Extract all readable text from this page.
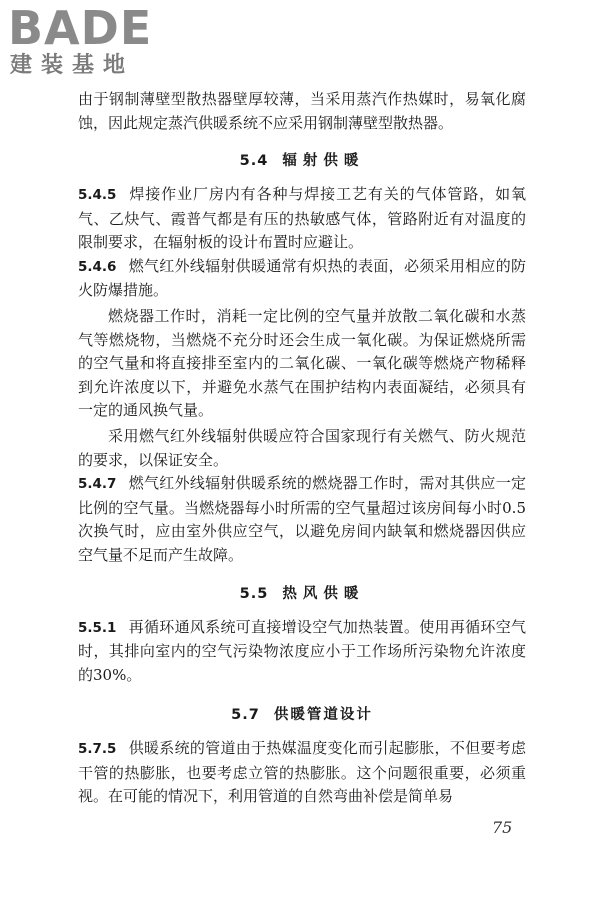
BADE
建装基地

由于钢制薄壁型散热器壁厚较薄，当采用蒸汽作热媒时，易氧化腐蚀，因此规定蒸汽供暖系统不应采用钢制薄壁型散热器。

5.4 辐射供暖

5.4.5 焊接作业厂房内有各种与焊接工艺有关的气体管路，如氧气、乙炔气、霞普气都是有压的热敏感气体，管路附近有对温度的限制要求，在辐射板的设计布置时应避让。

5.4.6 燃气红外线辐射供暖通常有炽热的表面，必须采用相应的防火防爆措施。

燃烧器工作时，消耗一定比例的空气量并放散二氧化碳和水蒸气等燃烧物，当燃烧不充分时还会生成一氧化碳。为保证燃烧所需的空气量和将直接排至室内的二氧化碳、一氧化碳等燃烧产物稀释到允许浓度以下，并避免水蒸气在围护结构内表面凝结，必须具有一定的通风换气量。

采用燃气红外线辐射供暖应符合国家现行有关燃气、防火规范的要求，以保证安全。

5.4.7 燃气红外线辐射供暖系统的燃烧器工作时，需对其供应一定比例的空气量。当燃烧器每小时所需的空气量超过该房间每小时0.5次换气时，应由室外供应空气，以避免房间内缺氧和燃烧器因供应空气量不足而产生故障。

5.5 热风供暖

5.5.1 再循环通风系统可直接增设空气加热装置。使用再循环空气时，其排向室内的空气污染物浓度应小于工作场所污染物允许浓度的30%。

5.7 供暖管道设计

5.7.5 供暖系统的管道由于热媒温度变化而引起膨胀，不但要考虑干管的热膨胀，也要考虑立管的热膨胀。这个问题很重要，必须重视。在可能的情况下，利用管道的自然弯曲补偿是简单易

75
